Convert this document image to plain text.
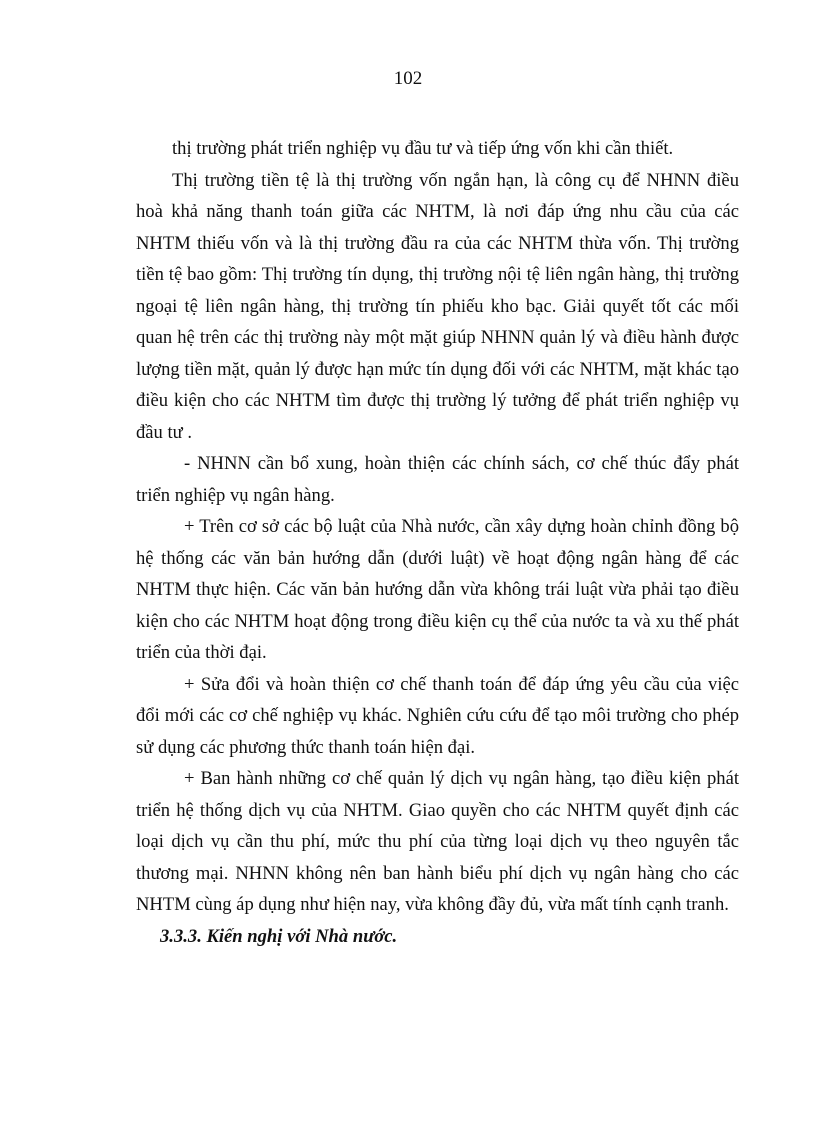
102

thị trường phát triển nghiệp vụ đầu tư và tiếp ứng vốn khi cần thiết.

Thị trường tiền tệ là thị trường vốn ngắn hạn, là công cụ để NHNN điều hoà khả năng thanh toán giữa các NHTM, là nơi đáp ứng nhu cầu của các NHTM thiếu vốn và là thị trường đầu ra của các NHTM thừa vốn. Thị trường tiền tệ bao gồm: Thị trường tín dụng, thị trường nội tệ liên ngân hàng, thị trường ngoại tệ liên ngân hàng, thị trường tín phiếu kho bạc. Giải quyết tốt các mối quan hệ trên các thị trường này một mặt giúp NHNN quản lý và điều hành được lượng tiền mặt, quản lý được hạn mức tín dụng đối với các NHTM, mặt khác tạo điều kiện cho các NHTM tìm được thị trường lý tưởng để phát triển nghiệp vụ đầu tư .

- NHNN cần bổ xung, hoàn thiện các chính sách, cơ chế thúc đẩy phát triển nghiệp vụ ngân hàng.

+ Trên cơ sở các bộ luật của Nhà nước, cần xây dựng hoàn chỉnh đồng bộ hệ thống các văn bản hướng dẫn (dưới luật) về hoạt động ngân hàng để các NHTM thực hiện. Các văn bản hướng dẫn vừa không trái luật vừa phải tạo điều kiện cho các NHTM hoạt động trong điều kiện cụ thể của nước ta và xu thế phát triển của thời đại.

+ Sửa đổi và hoàn thiện cơ chế thanh toán để đáp ứng yêu cầu của việc đổi mới các cơ chế nghiệp vụ khác. Nghiên cứu cứu để tạo môi trường cho phép sử dụng các phương thức thanh toán hiện đại.

+ Ban hành những cơ chế quản lý dịch vụ ngân hàng, tạo điều kiện phát triển hệ thống dịch vụ của NHTM. Giao quyền cho các NHTM quyết định các loại dịch vụ cần thu phí, mức thu phí của từng loại dịch vụ theo nguyên tắc thương mại. NHNN không nên ban hành biểu phí dịch vụ ngân hàng cho các NHTM cùng áp dụng như hiện nay, vừa không đầy đủ, vừa mất tính cạnh tranh.

3.3.3. Kiến nghị với Nhà nước.
